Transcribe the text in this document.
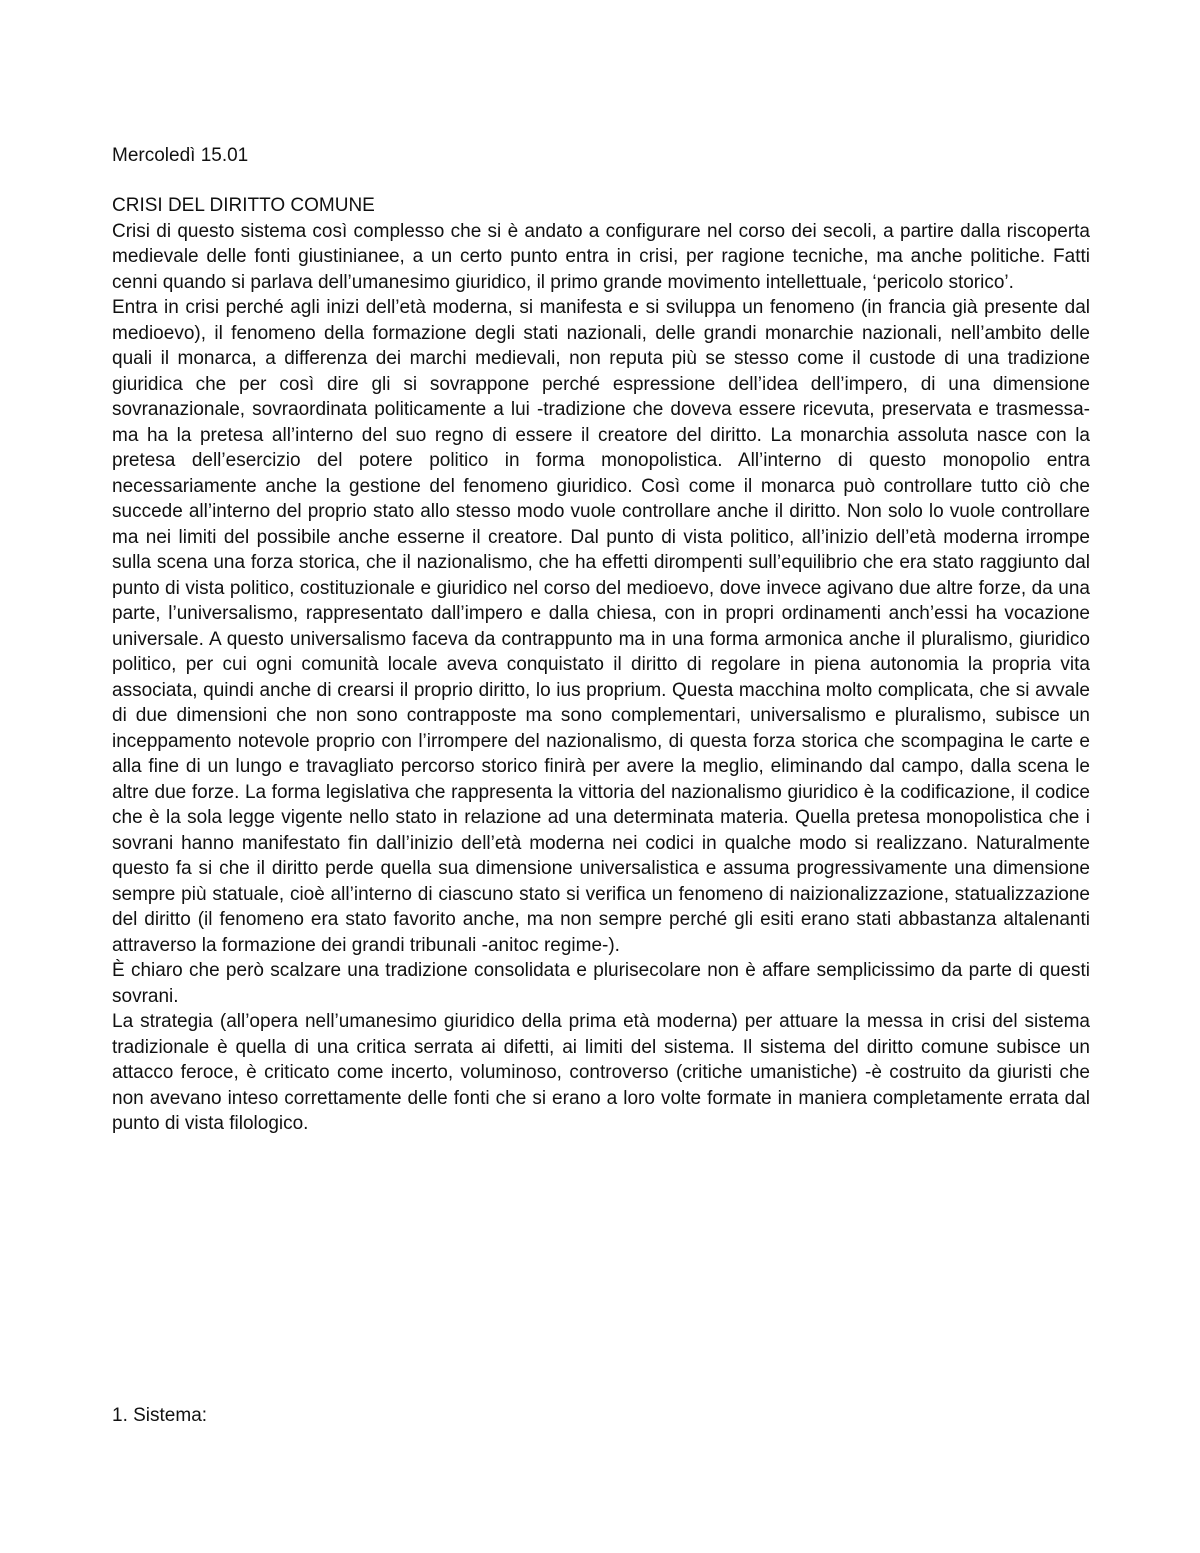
Mercoledì 15.01

CRISI DEL DIRITTO COMUNE

Crisi di questo sistema così complesso che si è andato a configurare nel corso dei secoli, a partire dalla riscoperta medievale delle fonti giustinianee, a un certo punto entra in crisi, per ragione tecniche, ma anche politiche. Fatti cenni quando si parlava dell’umanesimo giuridico, il primo grande movimento intellettuale, ‘pericolo storico’.

Entra in crisi perché agli inizi dell’età moderna, si manifesta e si sviluppa un fenomeno (in francia già presente dal medioevo), il fenomeno della formazione degli stati nazionali, delle grandi monarchie nazionali, nell’ambito delle quali il monarca, a differenza dei marchi medievali, non reputa più se stesso come il custode di una tradizione giuridica che per così dire gli si sovrappone perché espressione dell’idea dell’impero, di una dimensione sovranazionale, sovraordinata politicamente a lui -tradizione che doveva essere ricevuta, preservata e trasmessa- ma ha la pretesa all’interno del suo regno di essere il creatore del diritto. La monarchia assoluta nasce con la pretesa dell’esercizio del potere politico in forma monopolistica. All’interno di questo monopolio entra necessariamente anche la gestione del fenomeno giuridico. Così come il monarca può controllare tutto ciò che succede all’interno del proprio stato allo stesso modo vuole controllare anche il diritto. Non solo lo vuole controllare ma nei limiti del possibile anche esserne il creatore. Dal punto di vista politico, all’inizio dell’età moderna irrompe sulla scena una forza storica, che il nazionalismo, che ha effetti dirompenti sull’equilibrio che era stato raggiunto dal punto di vista politico, costituzionale e giuridico nel corso del medioevo, dove invece agivano due altre forze, da una parte, l’universalismo, rappresentato dall’impero e dalla chiesa, con in propri ordinamenti anch’essi ha vocazione universale. A questo universalismo faceva da contrappunto ma in una forma armonica anche il pluralismo, giuridico politico, per cui ogni comunità locale aveva conquistato il diritto di regolare in piena autonomia la propria vita associata, quindi anche di crearsi il proprio diritto, lo ius proprium. Questa macchina molto complicata, che si avvale di due dimensioni che non sono contrapposte ma sono complementari, universalismo e pluralismo, subisce un inceppamento notevole proprio con l’irrompere del nazionalismo, di questa forza storica che scompagina le carte e alla fine di un lungo e travagliato percorso storico finirà per avere la meglio, eliminando dal campo, dalla scena le altre due forze. La forma legislativa che rappresenta la vittoria del nazionalismo giuridico è la codificazione, il codice che è la sola legge vigente nello stato in relazione ad una determinata materia. Quella pretesa monopolistica che i sovrani hanno manifestato fin dall’inizio dell’età moderna nei codici in qualche modo si realizzano. Naturalmente questo fa si che il diritto perde quella sua dimensione universalistica e assuma progressivamente una dimensione sempre più statuale, cioè all’interno di ciascuno stato si verifica un fenomeno di naizionalizzazione, statualizzazione del diritto (il fenomeno era stato favorito anche, ma non sempre perché gli esiti erano stati abbastanza altalenanti attraverso la formazione dei grandi tribunali -anitoc regime-).

È chiaro che però scalzare una tradizione consolidata e plurisecolare non è affare semplicissimo da parte di questi sovrani.

La strategia (all’opera nell’umanesimo giuridico della prima età moderna) per attuare la messa in crisi del sistema tradizionale è quella di una critica serrata ai difetti, ai limiti del sistema. Il sistema del diritto comune subisce un attacco feroce, è criticato come incerto, voluminoso, controverso (critiche umanistiche) -è costruito da giuristi che non avevano inteso correttamente delle fonti che si erano a loro volte formate in maniera completamente errata dal punto di vista filologico.

1. Sistema:
